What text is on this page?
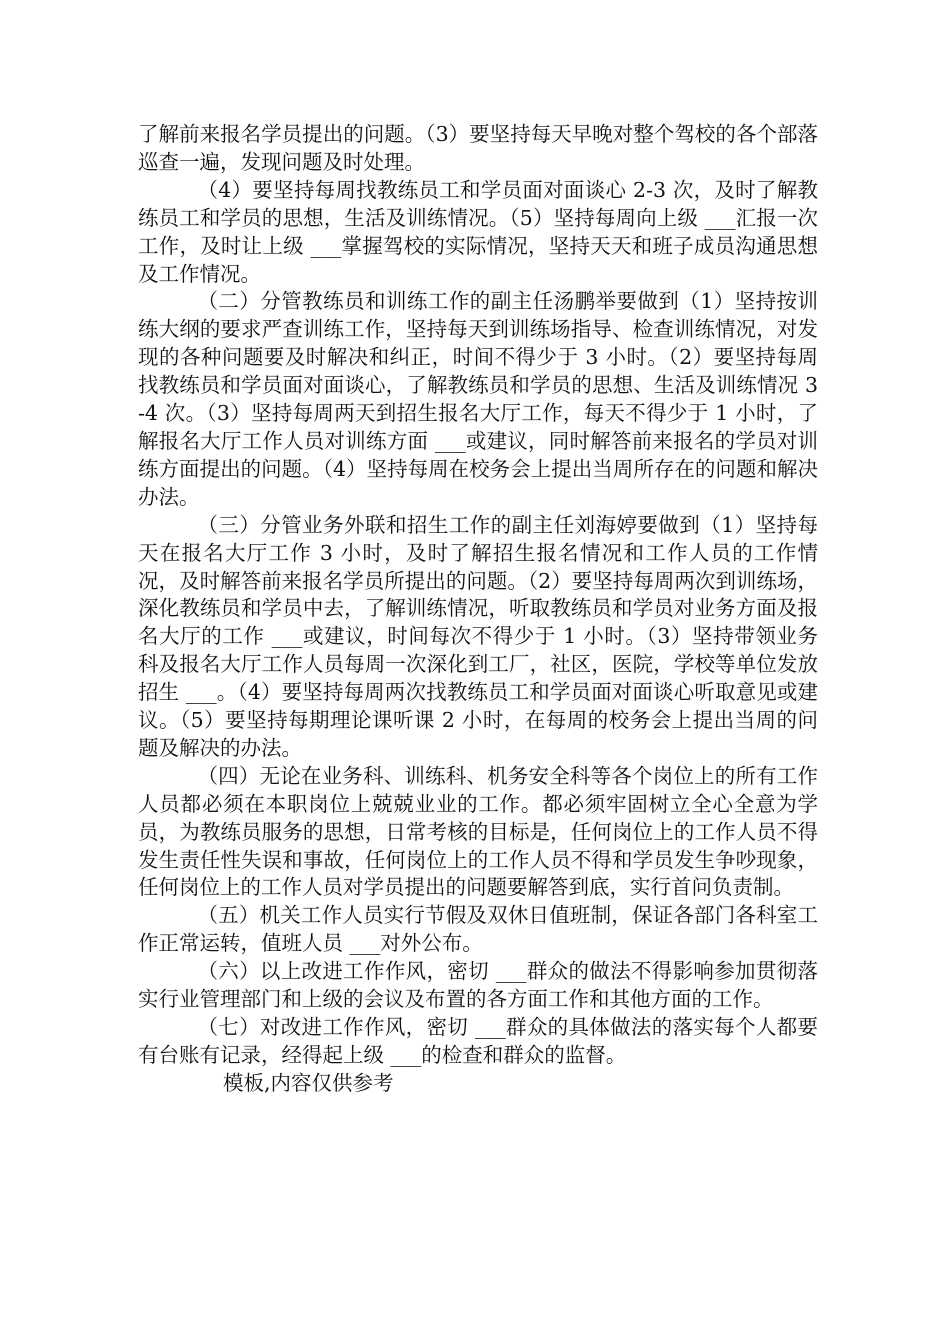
了解前来报名学员提出的问题。（3）要坚持每天早晚对整个驾校的各个部落巡查一遍，发现问题及时处理。

（4）要坚持每周找教练员工和学员面对面谈心 2-3 次，及时了解教练员工和学员的思想，生活及训练情况。（5）坚持每周向上级 ___汇报一次工作，及时让上级 ___掌握驾校的实际情况，坚持天天和班子成员沟通思想及工作情况。

（二）分管教练员和训练工作的副主任汤鹏举要做到（1）坚持按训练大纲的要求严查训练工作，坚持每天到训练场指导、检查训练情况，对发现的各种问题要及时解决和纠正，时间不得少于 3 小时。（2）要坚持每周找教练员和学员面对面谈心，了解教练员和学员的思想、生活及训练情况 3-4 次。（3）坚持每周两天到招生报名大厅工作，每天不得少于 1 小时，了解报名大厅工作人员对训练方面 ___或建议，同时解答前来报名的学员对训练方面提出的问题。（4）坚持每周在校务会上提出当周所存在的问题和解决办法。

（三）分管业务外联和招生工作的副主任刘海婷要做到（1）坚持每天在报名大厅工作 3 小时，及时了解招生报名情况和工作人员的工作情况，及时解答前来报名学员所提出的问题。（2）要坚持每周两次到训练场，深化教练员和学员中去，了解训练情况，听取教练员和学员对业务方面及报名大厅的工作 ___或建议，时间每次不得少于 1 小时。（3）坚持带领业务科及报名大厅工作人员每周一次深化到工厂，社区，医院，学校等单位发放招生 ___。（4）要坚持每周两次找教练员工和学员面对面谈心听取意见或建议。（5）要坚持每期理论课听课 2 小时，在每周的校务会上提出当周的问题及解决的办法。

（四）无论在业务科、训练科、机务安全科等各个岗位上的所有工作人员都必须在本职岗位上兢兢业业的工作。都必须牢固树立全心全意为学员，为教练员服务的思想，日常考核的目标是，任何岗位上的工作人员不得发生责任性失误和事故，任何岗位上的工作人员不得和学员发生争吵现象，任何岗位上的工作人员对学员提出的问题要解答到底，实行首问负责制。

（五）机关工作人员实行节假及双休日值班制，保证各部门各科室工作正常运转，值班人员 ___对外公布。

（六）以上改进工作作风，密切 ___群众的做法不得影响参加贯彻落实行业管理部门和上级的会议及布置的各方面工作和其他方面的工作。

（七）对改进工作作风，密切 ___群众的具体做法的落实每个人都要有台账有记录，经得起上级 ___的检查和群众的监督。

模板,内容仅供参考
